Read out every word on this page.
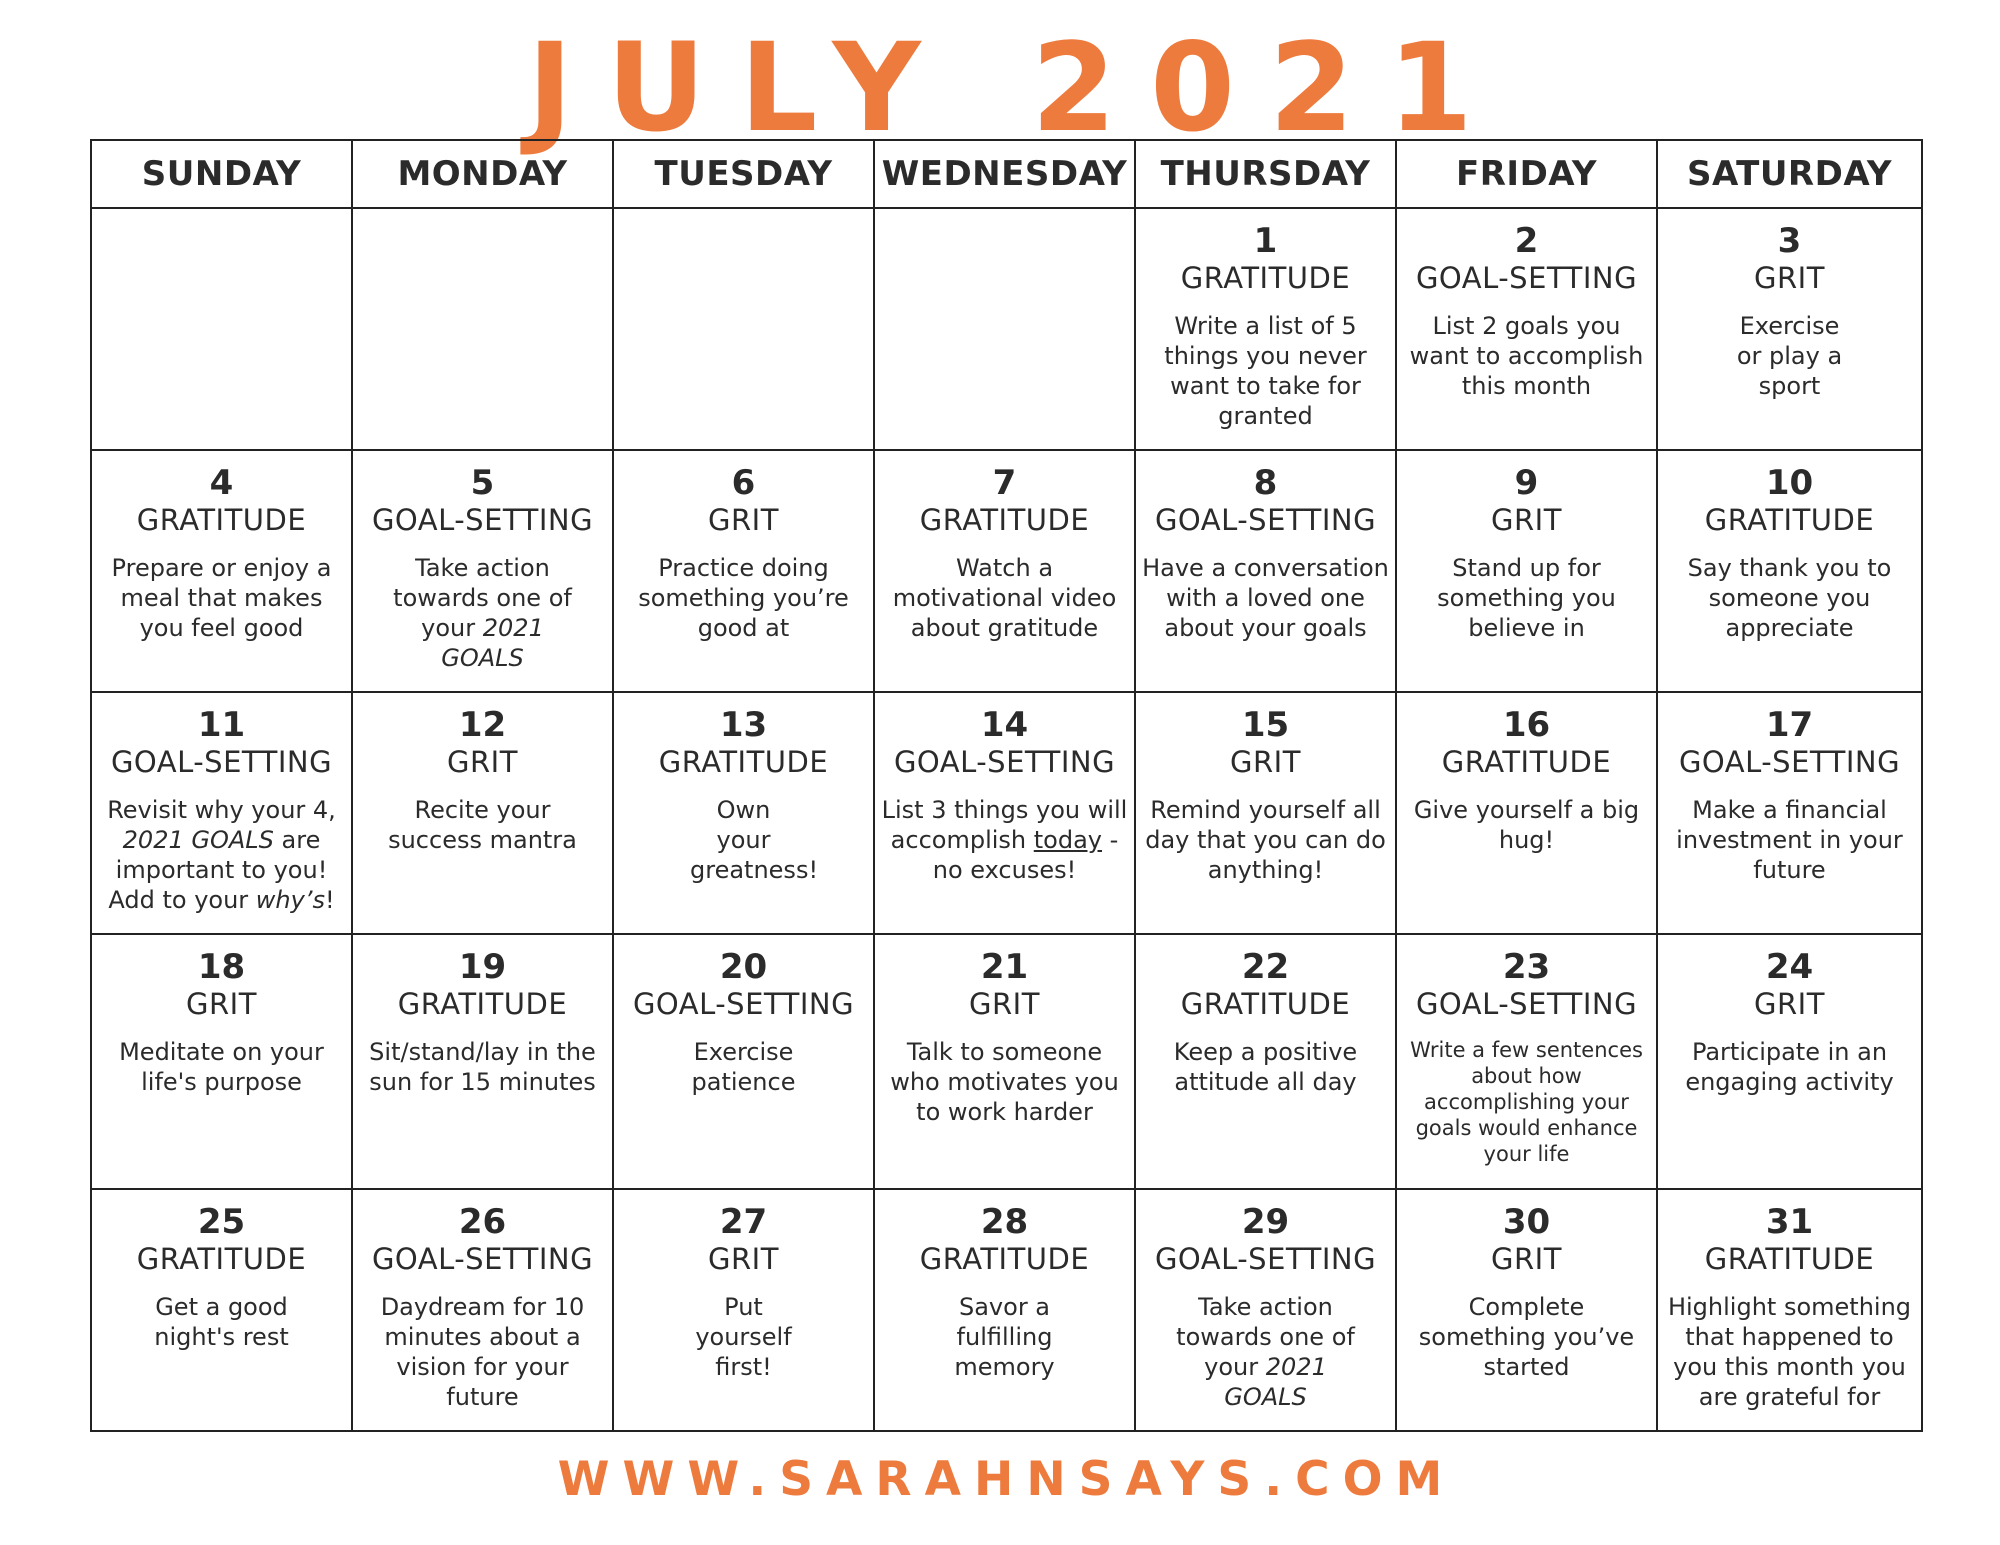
JULY 2021
SUNDAY	MONDAY	TUESDAY	WEDNESDAY	THURSDAY	FRIDAY	SATURDAY

				1
GRATITUDE
Write a list of 5 things you never want to take for granted	2
GOAL-SETTING
List 2 goals you want to accomplish this month	3
GRIT
Exercise or play a sport

4
GRATITUDE
Prepare or enjoy a meal that makes you feel good	5
GOAL-SETTING
Take action towards one of your 2021 GOALS	6
GRIT
Practice doing something you’re good at	7
GRATITUDE
Watch a motivational video about gratitude	8
GOAL-SETTING
Have a conversation with a loved one about your goals	9
GRIT
Stand up for something you believe in	10
GRATITUDE
Say thank you to someone you appreciate

11
GOAL-SETTING
Revisit why your 4, 2021 GOALS are important to you! Add to your why’s!	12
GRIT
Recite your success mantra	13
GRATITUDE
Own your greatness!	14
GOAL-SETTING
List 3 things you will accomplish today - no excuses!	15
GRIT
Remind yourself all day that you can do anything!	16
GRATITUDE
Give yourself a big hug!	17
GOAL-SETTING
Make a financial investment in your future

18
GRIT
Meditate on your life's purpose	19
GRATITUDE
Sit/stand/lay in the sun for 15 minutes	20
GOAL-SETTING
Exercise patience	21
GRIT
Talk to someone who motivates you to work harder	22
GRATITUDE
Keep a positive attitude all day	23
GOAL-SETTING
Write a few sentences about how accomplishing your goals would enhance your life	24
GRIT
Participate in an engaging activity

25
GRATITUDE
Get a good night's rest	26
GOAL-SETTING
Daydream for 10 minutes about a vision for your future	27
GRIT
Put yourself first!	28
GRATITUDE
Savor a fulfilling memory	29
GOAL-SETTING
Take action towards one of your 2021 GOALS	30
GRIT
Complete something you’ve started	31
GRATITUDE
Highlight something that happened to you this month you are grateful for
WWW.SARAHNSAYS.COM
